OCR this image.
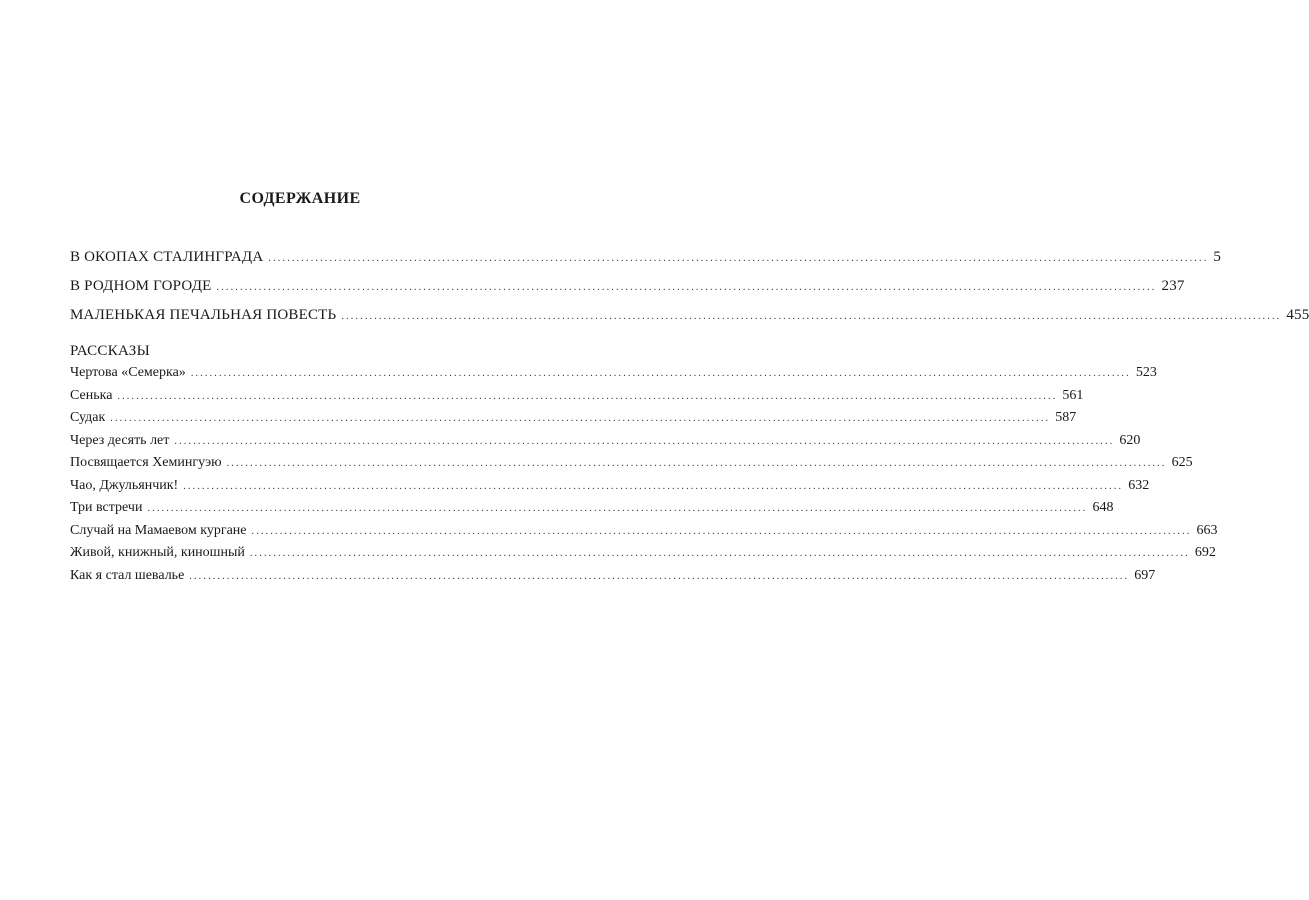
СОДЕРЖАНИЕ
В ОКОПАХ СТАЛИНГРАДА ........................................................................................................................................................................................................ 5
В РОДНОМ ГОРОДЕ ........................................................................................................................................................................................................ 237
МАЛЕНЬКАЯ ПЕЧАЛЬНАЯ ПОВЕСТЬ ........................................................................................................................................................................................................ 455
РАССКАЗЫ
Чертова «Семерка» ........................................................................................................................................................................................................ 523
Сенька ........................................................................................................................................................................................................ 561
Судак ........................................................................................................................................................................................................ 587
Через десять лет ........................................................................................................................................................................................................ 620
Посвящается Хемингуэю ........................................................................................................................................................................................................ 625
Чао, Джульянчик! ........................................................................................................................................................................................................ 632
Три встречи ........................................................................................................................................................................................................ 648
Случай на Мамаевом кургане ........................................................................................................................................................................................................ 663
Живой, книжный, киношный ........................................................................................................................................................................................................ 692
Как я стал шевалье ........................................................................................................................................................................................................ 697
